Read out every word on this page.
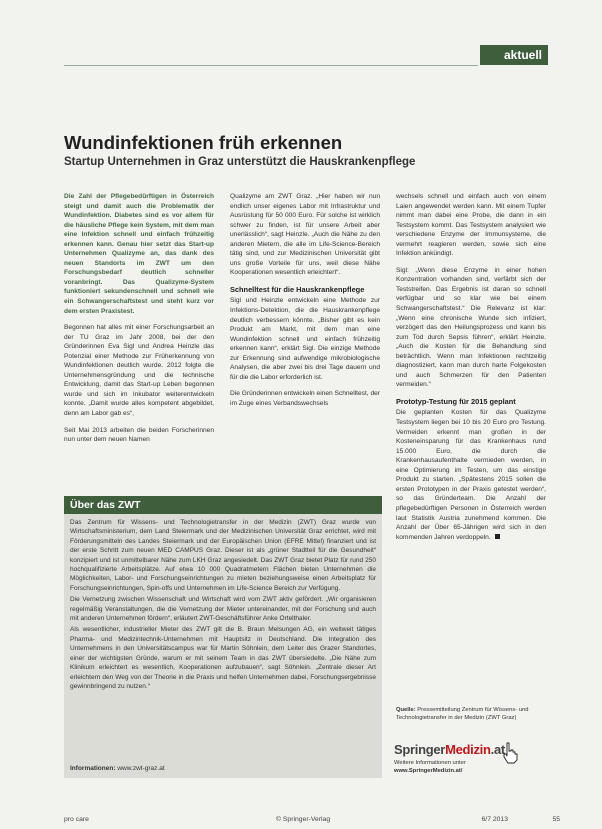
aktuell
Wundinfektionen früh erkennen
Startup Unternehmen in Graz unterstützt die Hauskrankenpflege

Die Zahl der Pflegebedürftigen in Österreich steigt und damit auch die Problematik der Wundinfektion. Diabetes sind es vor allem für die häusliche Pflege kein System, mit dem man eine Infektion schnell und einfach frühzeitig erkennen kann. Genau hier setzt das Start-up Unternehmen Qualizyme an, das dank des neuen Standorts im ZWT um den Forschungsbedarf deutlich schneller voranbringt. Das Qualizyme-System funktioniert sekundenschnell und schnell wie ein Schwangerschaftstest und steht kurz vor dem ersten Praxistest.

Begonnen hat alles mit einer Forschungsarbeit an der TU Graz im Jahr 2008, bei der den Gründerinnen Eva Sigl und Andrea Heinzle das Potenzial einer Methode zur Früherkennung von Wundinfektionen deutlich wurde. 2012 folgte die Unternehmensgründung und die technische Entwicklung, damit das Start-up Leben begonnen wurde und sich im Inkubator weiterentwickeln konnte. „Damit wurde alles kompetent abgebildet, denn am Labor gab es“,

Seit Mai 2013 arbeiten die beiden Forscherinnen nun unter dem neuen Namen

Qualizyme am ZWT Graz. „Hier haben wir nun endlich unser eigenes Labor mit Infrastruktur und Ausrüstung für 50 000 Euro. Für solche ist wirklich schwer zu finden, ist für unsere Arbeit aber unerlässlich“, sagt Heinzle. „Auch die Nähe zu den anderen Mietern, die alle im Life-Science-Bereich tätig sind, und zur Medizinischen Universität gibt uns große Vorteile für uns, weil diese Nähe Kooperationen wesentlich erleichtert“.

Schnelltest für die Hauskrankenpflege

Sigl und Heinzle entwickeln eine Methode zur Infektions-Detektion, die die Hauskrankenpflege deutlich verbessern könnte. „Bisher gibt es kein Produkt am Markt, mit dem man eine Wundinfektion schnell und einfach frühzeitig erkennen kann“, erklärt Sigl. Die einzige Methode zur Erkennung sind aufwendige mikrobiologische Analysen, die aber zwei bis drei Tage dauern und für die die Labor erforderlich ist.

Die Gründerinnen entwickeln einen Schnelltest, der im Zuge eines Verbandswechsels

wechsels schnell und einfach auch von einem Laien angewendet werden kann. Mit einem Tupfer nimmt man dabei eine Probe, die dann in ein Testsystem kommt. Das Testsystem analysiert wie verschiedene Enzyme der Immunsysteme, die vermehrt reagieren werden, sowie sich eine Infektion ankündigt.

Sigl: „Wenn diese Enzyme in einer hohen Konzentration vorhanden sind, verfärbt sich der Teststreifen. Das Ergebnis ist daran so schnell verfügbar und so klar wie bei einem Schwangerschaftstest.“ Die Relevanz ist klar: „Wenn eine chronische Wunde sich infiziert, verzögert das den Heilungsprozess und kann bis zum Tod durch Sepsis führen“, erklärt Heinzle. „Auch die Kosten für die Behandlung sind beträchtlich. Wenn man Infektionen rechtzeitig diagnostiziert, kann man durch harte Folgekosten und auch Schmerzen für den Patienten vermeiden.“

Prototyp-Testung für 2015 geplant

Die geplanten Kosten für das Qualizyme Testsystem liegen bei 10 bis 20 Euro pro Testung. Vermeiden erkennt man großen in der Kosteneinsparung für das Krankenhaus rund 15.000 Euro, die durch die Krankenhausaufenthalte vermieden werden, in eine Optimierung im Testen, um das einstige Produkt zu starten. „Spätestens 2015 sollen die ersten Prototypen in der Praxis getestet werden“, so das Gründerteam. Die Anzahl der pflegebedürftigen Personen in Österreich werden laut Statistik Austria zunehmend kommen. Die Anzahl der Über 65-Jährigen wird sich in den kommenden Jahren verdoppeln.

Quelle: Pressemitteilung Zentrum für Wissens- und Technologietransfer in der Medizin (ZWT Graz)
Über das ZWT

Das Zentrum für Wissens- und Technologietransfer in der Medizin (ZWT) Graz wurde von Wirtschaftsministerium, dem Land Steiermark und der Medizinischen Universität Graz errichtet, wird mit Förderungsmitteln des Landes Steiermark und der Europäischen Union (EFRE Mittel) finanziert und ist der erste Schritt zum neuen MED CAMPUS Graz. Dieser ist als „grüner Stadtteil für die Gesundheit“ konzipiert und ist unmittelbarer Nähe zum LKH Graz angesiedelt. Das ZWT Graz bietet Platz für rund 250 hochqualifizierte Arbeitsplätze. Auf etwa 10 000 Quadratmetern Flächen bieten Unternehmen die Möglichkeiten, Labor- und Forschungseinrichtungen zu mieten beziehungsweise einen Arbeitsplatz für Forschungseinrichtungen, Spin-offs und Unternehmen im Life-Science Bereich zur Verfügung.

Die Vernetzung zwischen Wissenschaft und Wirtschaft wird vom ZWT aktiv gefördert. „Wir organisieren regelmäßig Veranstaltungen, die die Vernetzung der Mieter untereinander, mit der Forschung und auch mit anderen Unternehmen fördern“, erläutert ZWT-Geschäftsführer Anke Ortelthaler.

Als wesentlicher, industrieller Mieter des ZWT gilt die B. Braun Melsungen AG, ein weltweit tätiges Pharma- und Medizintechnik-Unternehmen mit Hauptsitz in Deutschland. Die Integration des Unternehmens in den Universitätscampus war für Martin Söhnlein, dem Leiter des Grazer Standortes, einer der wichtigsten Gründe, warum er mit seinem Team in das ZWT übersiedelte. „Die Nähe zum Klinikum erleichtert es wesentlich, Kooperationen aufzubauen“, sagt Söhnlein. „Zentrale dieser Art erleichtern den Weg von der Theorie in die Praxis und helfen Unternehmen dabei, Forschungsergebnisse gewinnbringend zu nutzen.“

Informationen: www.zwt-graz.at
SpringerMedizin.at
Weitere Informationen unter
www.SpringerMedizin.at/
pro care	© Springer-Verlag	6/7 2013	55
